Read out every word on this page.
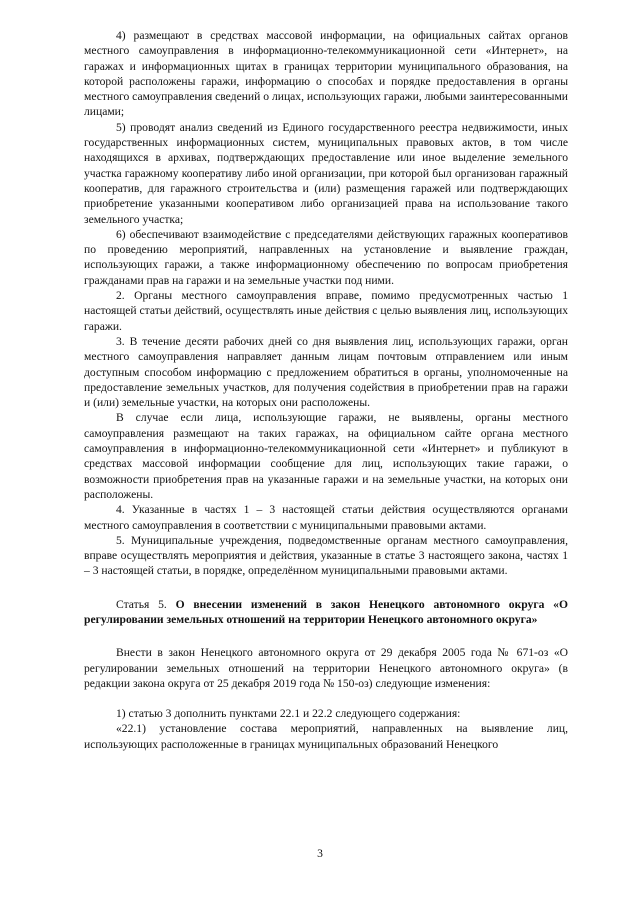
4) размещают в средствах массовой информации, на официальных сайтах органов местного самоуправления в информационно-телекоммуникационной сети «Интернет», на гаражах и информационных щитах в границах территории муниципального образования, на которой расположены гаражи, информацию о способах и порядке предоставления в органы местного самоуправления сведений о лицах, использующих гаражи, любыми заинтересованными лицами;

5) проводят анализ сведений из Единого государственного реестра недвижимости, иных государственных информационных систем, муниципальных правовых актов, в том числе находящихся в архивах, подтверждающих предоставление или иное выделение земельного участка гаражному кооперативу либо иной организации, при которой был организован гаражный кооператив, для гаражного строительства и (или) размещения гаражей или подтверждающих приобретение указанными кооперативом либо организацией права на использование такого земельного участка;

6) обеспечивают взаимодействие с председателями действующих гаражных кооперативов по проведению мероприятий, направленных на установление и выявление граждан, использующих гаражи, а также информационному обеспечению по вопросам приобретения гражданами прав на гаражи и на земельные участки под ними.

2. Органы местного самоуправления вправе, помимо предусмотренных частью 1 настоящей статьи действий, осуществлять иные действия с целью выявления лиц, использующих гаражи.

3. В течение десяти рабочих дней со дня выявления лиц, использующих гаражи, орган местного самоуправления направляет данным лицам почтовым отправлением или иным доступным способом информацию с предложением обратиться в органы, уполномоченные на предоставление земельных участков, для получения содействия в приобретении прав на гаражи и (или) земельные участки, на которых они расположены.

В случае если лица, использующие гаражи, не выявлены, органы местного самоуправления размещают на таких гаражах, на официальном сайте органа местного самоуправления в информационно-телекоммуникационной сети «Интернет» и публикуют в средствах массовой информации сообщение для лиц, использующих такие гаражи, о возможности приобретения прав на указанные гаражи и на земельные участки, на которых они расположены.

4. Указанные в частях 1 – 3 настоящей статьи действия осуществляются органами местного самоуправления в соответствии с муниципальными правовыми актами.

5. Муниципальные учреждения, подведомственные органам местного самоуправления, вправе осуществлять мероприятия и действия, указанные в статье 3 настоящего закона, частях 1 – 3 настоящей статьи, в порядке, определённом муниципальными правовыми актами.

Статья 5. О внесении изменений в закон Ненецкого автономного округа «О регулировании земельных отношений на территории Ненецкого автономного округа»

Внести в закон Ненецкого автономного округа от 29 декабря 2005 года № 671-оз «О регулировании земельных отношений на территории Ненецкого автономного округа» (в редакции закона округа от 25 декабря 2019 года № 150-оз) следующие изменения:

1) статью 3 дополнить пунктами 22.1 и 22.2 следующего содержания:

«22.1) установление состава мероприятий, направленных на выявление лиц, использующих расположенные в границах муниципальных образований Ненецкого

3
